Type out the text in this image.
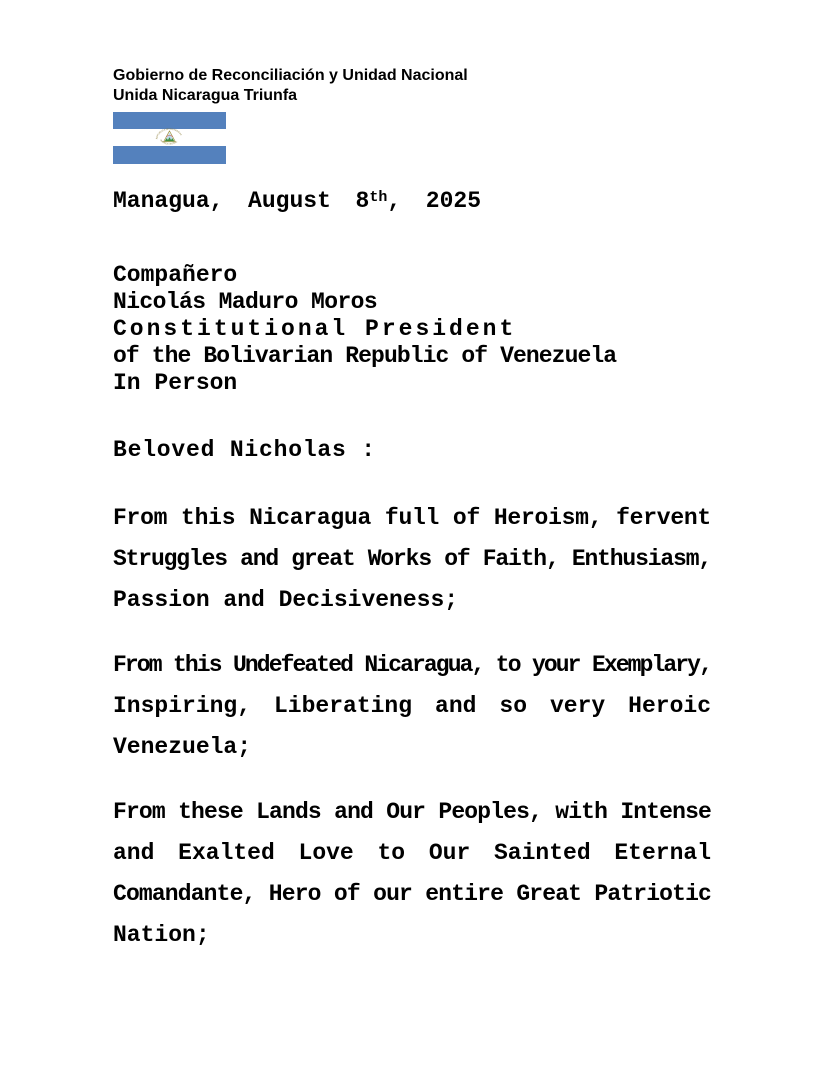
Gobierno de Reconciliación y Unidad Nacional
Unida Nicaragua Triunfa
REPUBLICA DE NICARAGUA
AMERICA CENTRAL
Managua, August 8th, 2025
Compañero
Nicolás Maduro Moros
Constitutional President
of the Bolivarian Republic of Venezuela
In Person
Beloved Nicholas :
From this Nicaragua full of Heroism, fervent
Struggles and great Works of Faith, Enthusiasm,
Passion and Decisiveness;
From this Undefeated Nicaragua, to your Exemplary,
Inspiring, Liberating and so very Heroic
Venezuela;
From these Lands and Our Peoples, with Intense
and Exalted Love to Our Sainted Eternal
Comandante, Hero of our entire Great Patriotic
Nation;
